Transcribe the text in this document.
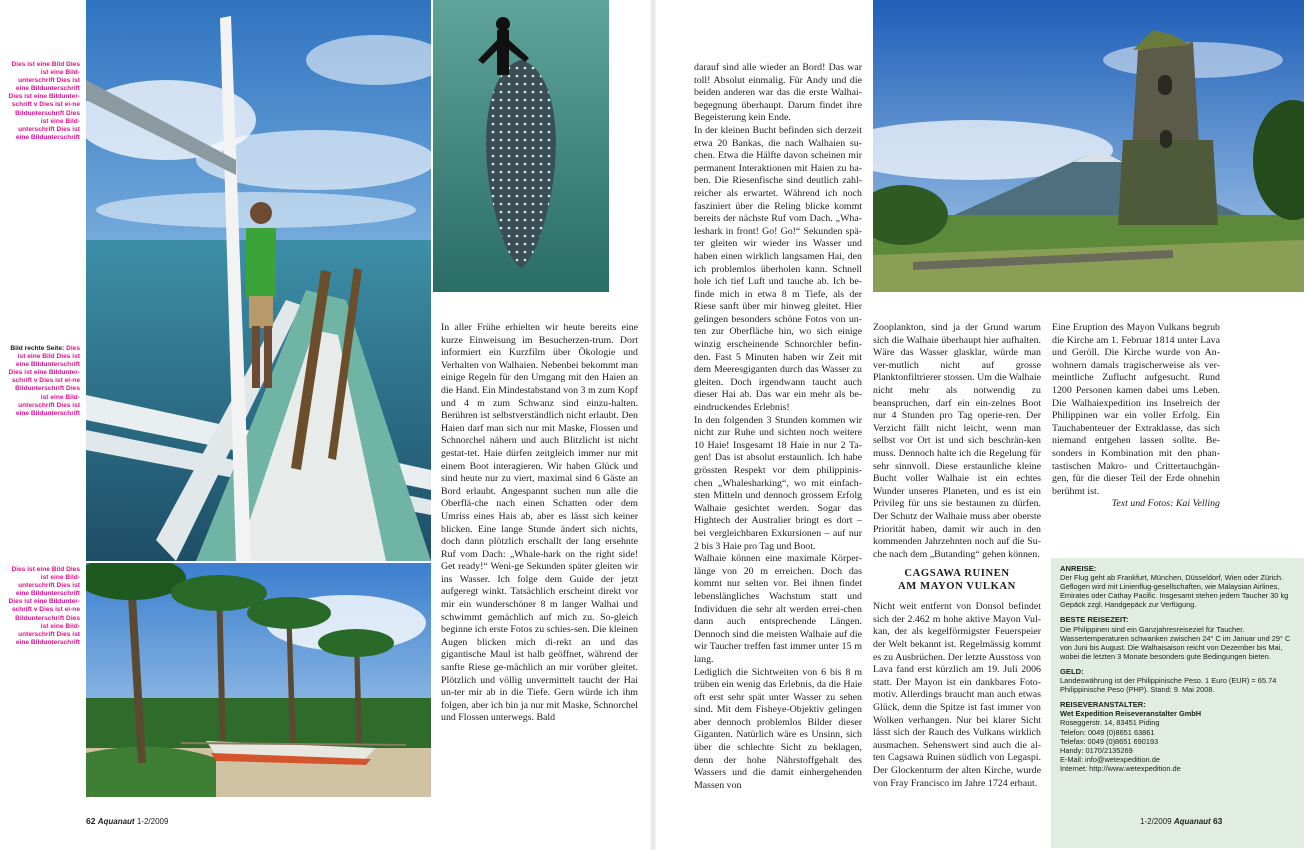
Dies ist eine Bild Dies ist eine Bild-unterschrift Dies ist eine Bildunterschrift Dies ist eine Bildunter-schrift v Dies ist ei-ne Bildunterschrift Dies ist eine Bild-unterschrift Dies ist eine Bildunterschrift
Bild rechte Seite: Dies ist eine Bild Dies ist eine Bildunterschrift Dies ist eine Bildunter-schrift v Dies ist ei-ne Bildunterschrift Dies ist eine Bild-unterschrift Dies ist eine Bildunterschrift
Dies ist eine Bild Dies ist eine Bild-unterschrift Dies ist eine Bildunterschrift Dies ist eine Bildunter-schrift v Dies ist ei-ne Bildunterschrift Dies ist eine Bild-unterschrift Dies ist eine Bildunterschrift

In aller Frühe erhielten wir heute bereits eine kurze Einweisung im Besucherzen-trum. Dort informiert ein Kurzfilm über Ökologie und Verhalten von Walhaien. Nebenbei bekommt man einige Regeln für den Umgang mit den Haien an die Hand. Ein Mindestabstand von 3 m zum Kopf und 4 m zum Schwanz sind einzu-halten. Berühren ist selbstverständlich nicht erlaubt. Den Haien darf man sich nur mit Maske, Flossen und Schnorchel nähern und auch Blitzlicht ist nicht gestat-tet. Haie dürfen zeitgleich immer nur mit einem Boot interagieren. Wir haben Glück und sind heute nur zu viert, maximal sind 6 Gäste an Bord erlaubt. Angespannt suchen nun alle die Oberflä-che nach einen Schatten oder dem Umriss eines Hais ab, aber es lässt sich keiner blicken. Eine lange Stunde ändert sich nichts, doch dann plötzlich erschallt der lang ersehnte Ruf vom Dach: „Whale-hark on the right side! Get ready!“ Weni-ge Sekunden später gleiten wir ins Wasser. Ich folge dem Guide der jetzt aufgeregt winkt. Tatsächlich erscheint direkt vor mir ein wunderschöner 8 m langer Walhai und schwimmt gemächlich auf mich zu. So-gleich beginne ich erste Fotos zu schies-sen. Die kleinen Augen blicken mich di-rekt an und das gigantische Maul ist halb geöffnet, während der sanfte Riese ge-mächlich an mir vorüber gleitet. Plötzlich und völlig unvermittelt taucht der Hai un-ter mir ab in die Tiefe. Gern würde ich ihm folgen, aber ich bin ja nur mit Maske, Schnorchel und Flossen unterwegs. Bald

62 Aquanaut 1-2/2009

darauf sind alle wieder an Bord! Das war toll! Absolut einmalig. Für Andy und die beiden anderen war das die erste Walhai-begegnung überhaupt. Darum findet ihre Begeisterung kein Ende.

In der kleinen Bucht befinden sich derzeit etwa 20 Bankas, die nach Walhaien su-chen. Etwa die Hälfte davon scheinen mir permanent Interaktionen mit Haien zu ha-ben. Die Riesenfische sind deutlich zahl-reicher als erwartet. Während ich noch fasziniert über die Reling blicke kommt bereits der nächste Ruf vom Dach. „Wha-leshark in front! Go! Go!“ Sekunden spä-ter gleiten wir wieder ins Wasser und haben einen wirklich langsamen Hai, den ich problemlos überholen kann. Schnell hole ich tief Luft und tauche ab. Ich be-finde mich in etwa 8 m Tiefe, als der Riese sanft über mir hinweg gleitet. Hier gelingen besonders schöne Fotos von un-ten zur Oberfläche hin, wo sich einige winzig erscheinende Schnorchler befin-den. Fast 5 Minuten haben wir Zeit mit dem Meeresgiganten durch das Wasser zu gleiten. Doch irgendwann taucht auch dieser Hai ab. Das war ein mehr als be-eindruckendes Erlebnis!

In den folgenden 3 Stunden kommen wir nicht zur Ruhe und sichten noch weitere 10 Haie! Insgesamt 18 Haie in nur 2 Ta-gen! Das ist absolut erstaunlich. Ich habe grössten Respekt vor dem philippinis-chen „Whalesharking“, wo mit einfach-sten Mitteln und dennoch grossem Erfolg Walhaie gesichtet werden. Sogar das Hightech der Australier bringt es dort – bei vergleichbaren Exkursionen – auf nur 2 bis 3 Haie pro Tag und Boot.

Walhaie können eine maximale Körper-länge von 20 m erreichen. Doch das kommt nur selten vor. Bei ihnen findet lebenslängliches Wachstum statt und Individuen die sehr alt werden errei-chen dann auch entsprechende Längen. Dennoch sind die meisten Walhaie auf die wir Taucher treffen fast immer unter 15 m lang.

Lediglich die Sichtweiten von 6 bis 8 m trüben ein wenig das Erlebnis, da die Haie oft erst sehr spät unter Wasser zu sehen sind. Mit dem Fisheye-Objektiv gelingen aber dennoch problemlos Bilder dieser Giganten. Natürlich wäre es Unsinn, sich über die schlechte Sicht zu beklagen, denn der hohe Nährstoffgehalt des Wassers und die damit einhergehenden Massen von

Zooplankton, sind ja der Grund warum sich die Walhaie überhaupt hier aufhalten. Wäre das Wasser glasklar, würde man ver-mutlich nicht auf grosse Planktonfiltrierer stossen. Um die Walhaie nicht mehr als notwendig zu beanspruchen, darf ein ein-zelnes Boot nur 4 Stunden pro Tag operie-ren. Der Verzicht fällt nicht leicht, wenn man selbst vor Ort ist und sich beschrän-ken muss. Dennoch halte ich die Regelung für sehr sinnvoll. Diese erstaunliche kleine Bucht voller Walhaie ist ein echtes Wunder unseres Planeten, und es ist ein Privileg für uns sie bestaunen zu dürfen. Der Schutz der Walhaie muss aber oberste Priorität haben, damit wir auch in den kommenden Jahrzehnten noch auf die Su-che nach dem „Butanding“ gehen können.

CAGSAWA RUINEN
AM MAYON VULKAN

Nicht weit entfernt von Donsol befindet sich der 2.462 m hohe aktive Mayon Vul-kan, der als kegelförmigster Feuerspeier der Welt bekannt ist. Regelmässig kommt es zu Ausbrüchen. Der letzte Ausstoss von Lava fand erst kürzlich am 19. Juli 2006 statt. Der Mayon ist ein dankbares Foto-motiv. Allerdings braucht man auch etwas Glück, denn die Spitze ist fast immer von Wolken verhangen. Nur bei klarer Sicht lässt sich der Rauch des Vulkans wirklich ausmachen. Sehenswert sind auch die al-ten Cagsawa Ruinen südlich von Legaspi. Der Glockenturm der alten Kirche, wurde von Fray Francisco im Jahre 1724 erbaut.

Eine Eruption des Mayon Vulkans begrub die Kirche am 1. Februar 1814 unter Lava und Geröll. Die Kirche wurde von An-wohnern damals tragischerweise als ver-meintliche Zuflucht aufgesucht. Rund 1200 Personen kamen dabei ums Leben. Die Walhaiexpedition ins Inselreich der Philippinen war ein voller Erfolg. Ein Tauchabenteuer der Extraklasse, das sich niemand entgehen lassen sollte. Be-sonders in Kombination mit den phan-tastischen Makro- und Crittertauchgän-gen, für die dieser Teil der Erde ohnehin berühmt ist.

Text und Fotos: Kai Velling

ANREISE:

Der Flug geht ab Frankfurt, München, Düsseldorf, Wien oder Zürich. Geflogen wird mit Linienflug-gesellschaften, wie Malaysian Airlines, Emirates oder Cathay Pacific. Insgesamt stehen jedem Taucher 30 kg Gepäck zzgl. Handgepäck zur Verfügung.

BESTE REISEZEIT:

Die Philippinen sind ein Ganzjahresreiseziel für Taucher. Wassertemperaturen schwanken zwischen 24° C im Januar und 29° C von Juni bis August. Die Walhaisaison reicht von Dezember bis Mai, wobei die letzten 3 Monate besonders gute Bedingungen bieten.

GELD:

Landeswährung ist der Philippinische Peso. 1 Euro (EUR) = 65.74 Philippinische Peso (PHP). Stand: 9. Mai 2008.

REISEVERANSTALTER:
Wet Expedition Reiseveranstalter GmbH
Roseggerstr. 14, 83451 Piding
Telefon: 0049 (0)8651 63861
Telefax: 0049 (0)8651 690193
Handy: 0170/2135269
E-Mail: info@wetexpedition.de
Internet: http://www.wetexpedition.de
1-2/2009 Aquanaut 63
